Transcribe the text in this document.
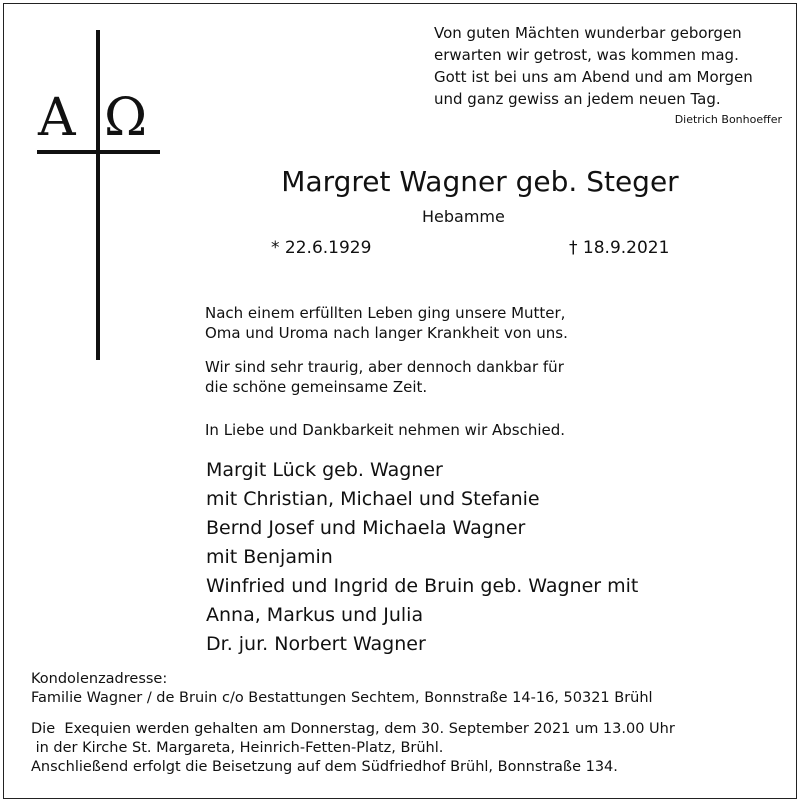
A Ω
Von guten Mächten wunderbar geborgen
erwarten wir getrost, was kommen mag.
Gott ist bei uns am Abend und am Morgen
und ganz gewiss an jedem neuen Tag.
Dietrich Bonhoeffer
Margret Wagner geb. Steger
Hebamme
* 22.6.1929	† 18.9.2021
Nach einem erfüllten Leben ging unsere Mutter,
Oma und Uroma nach langer Krankheit von uns.
Wir sind sehr traurig, aber dennoch dankbar für
die schöne gemeinsame Zeit.
In Liebe und Dankbarkeit nehmen wir Abschied.
Margit Lück geb. Wagner
mit Christian, Michael und Stefanie
Bernd Josef und Michaela Wagner
mit Benjamin
Winfried und Ingrid de Bruin geb. Wagner mit
Anna, Markus und Julia
Dr. jur. Norbert Wagner
Kondolenzadresse:
Familie Wagner / de Bruin c/o Bestattungen Sechtem, Bonnstraße 14-16, 50321 Brühl
Die  Exequien werden gehalten am Donnerstag, dem 30. September 2021 um 13.00 Uhr
in der Kirche St. Margareta, Heinrich-Fetten-Platz, Brühl.
Anschließend erfolgt die Beisetzung auf dem Südfriedhof Brühl, Bonnstraße 134.
